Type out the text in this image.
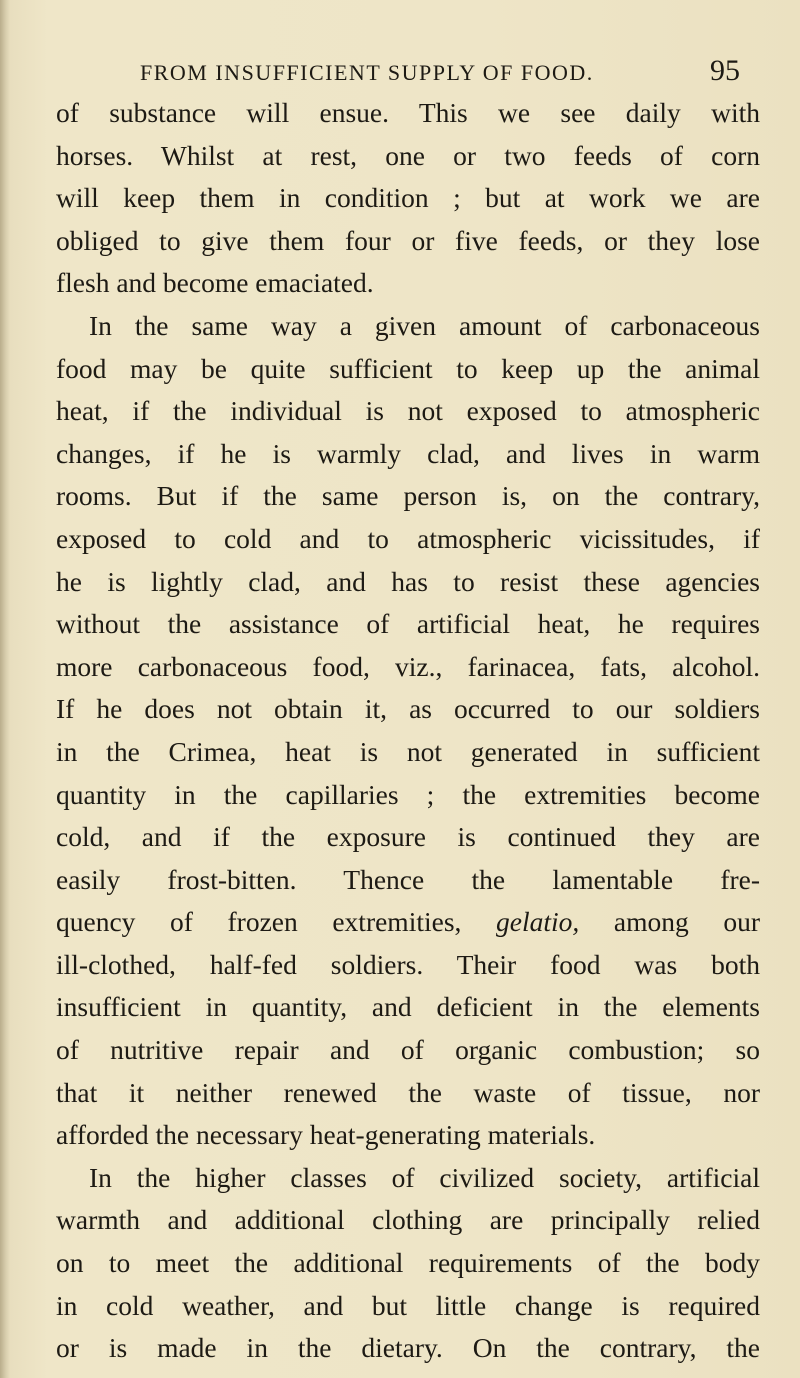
FROM INSUFFICIENT SUPPLY OF FOOD.	95
of substance will ensue. This we see daily with
horses. Whilst at rest, one or two feeds of corn
will keep them in condition ; but at work we are
obliged to give them four or five feeds, or they lose
flesh and become emaciated.
In the same way a given amount of carbonaceous
food may be quite sufficient to keep up the animal
heat, if the individual is not exposed to atmospheric
changes, if he is warmly clad, and lives in warm
rooms. But if the same person is, on the contrary,
exposed to cold and to atmospheric vicissitudes, if
he is lightly clad, and has to resist these agencies
without the assistance of artificial heat, he requires
more carbonaceous food, viz., farinacea, fats, alcohol.
If he does not obtain it, as occurred to our soldiers
in the Crimea, heat is not generated in sufficient
quantity in the capillaries ; the extremities become
cold, and if the exposure is continued they are
easily frost-bitten. Thence the lamentable fre-
quency of frozen extremities, gelatio, among our
ill-clothed, half-fed soldiers. Their food was both
insufficient in quantity, and deficient in the elements
of nutritive repair and of organic combustion; so
that it neither renewed the waste of tissue, nor
afforded the necessary heat-generating materials.
In the higher classes of civilized society, artificial
warmth and additional clothing are principally relied
on to meet the additional requirements of the body
in cold weather, and but little change is required
or is made in the dietary. On the contrary, the
